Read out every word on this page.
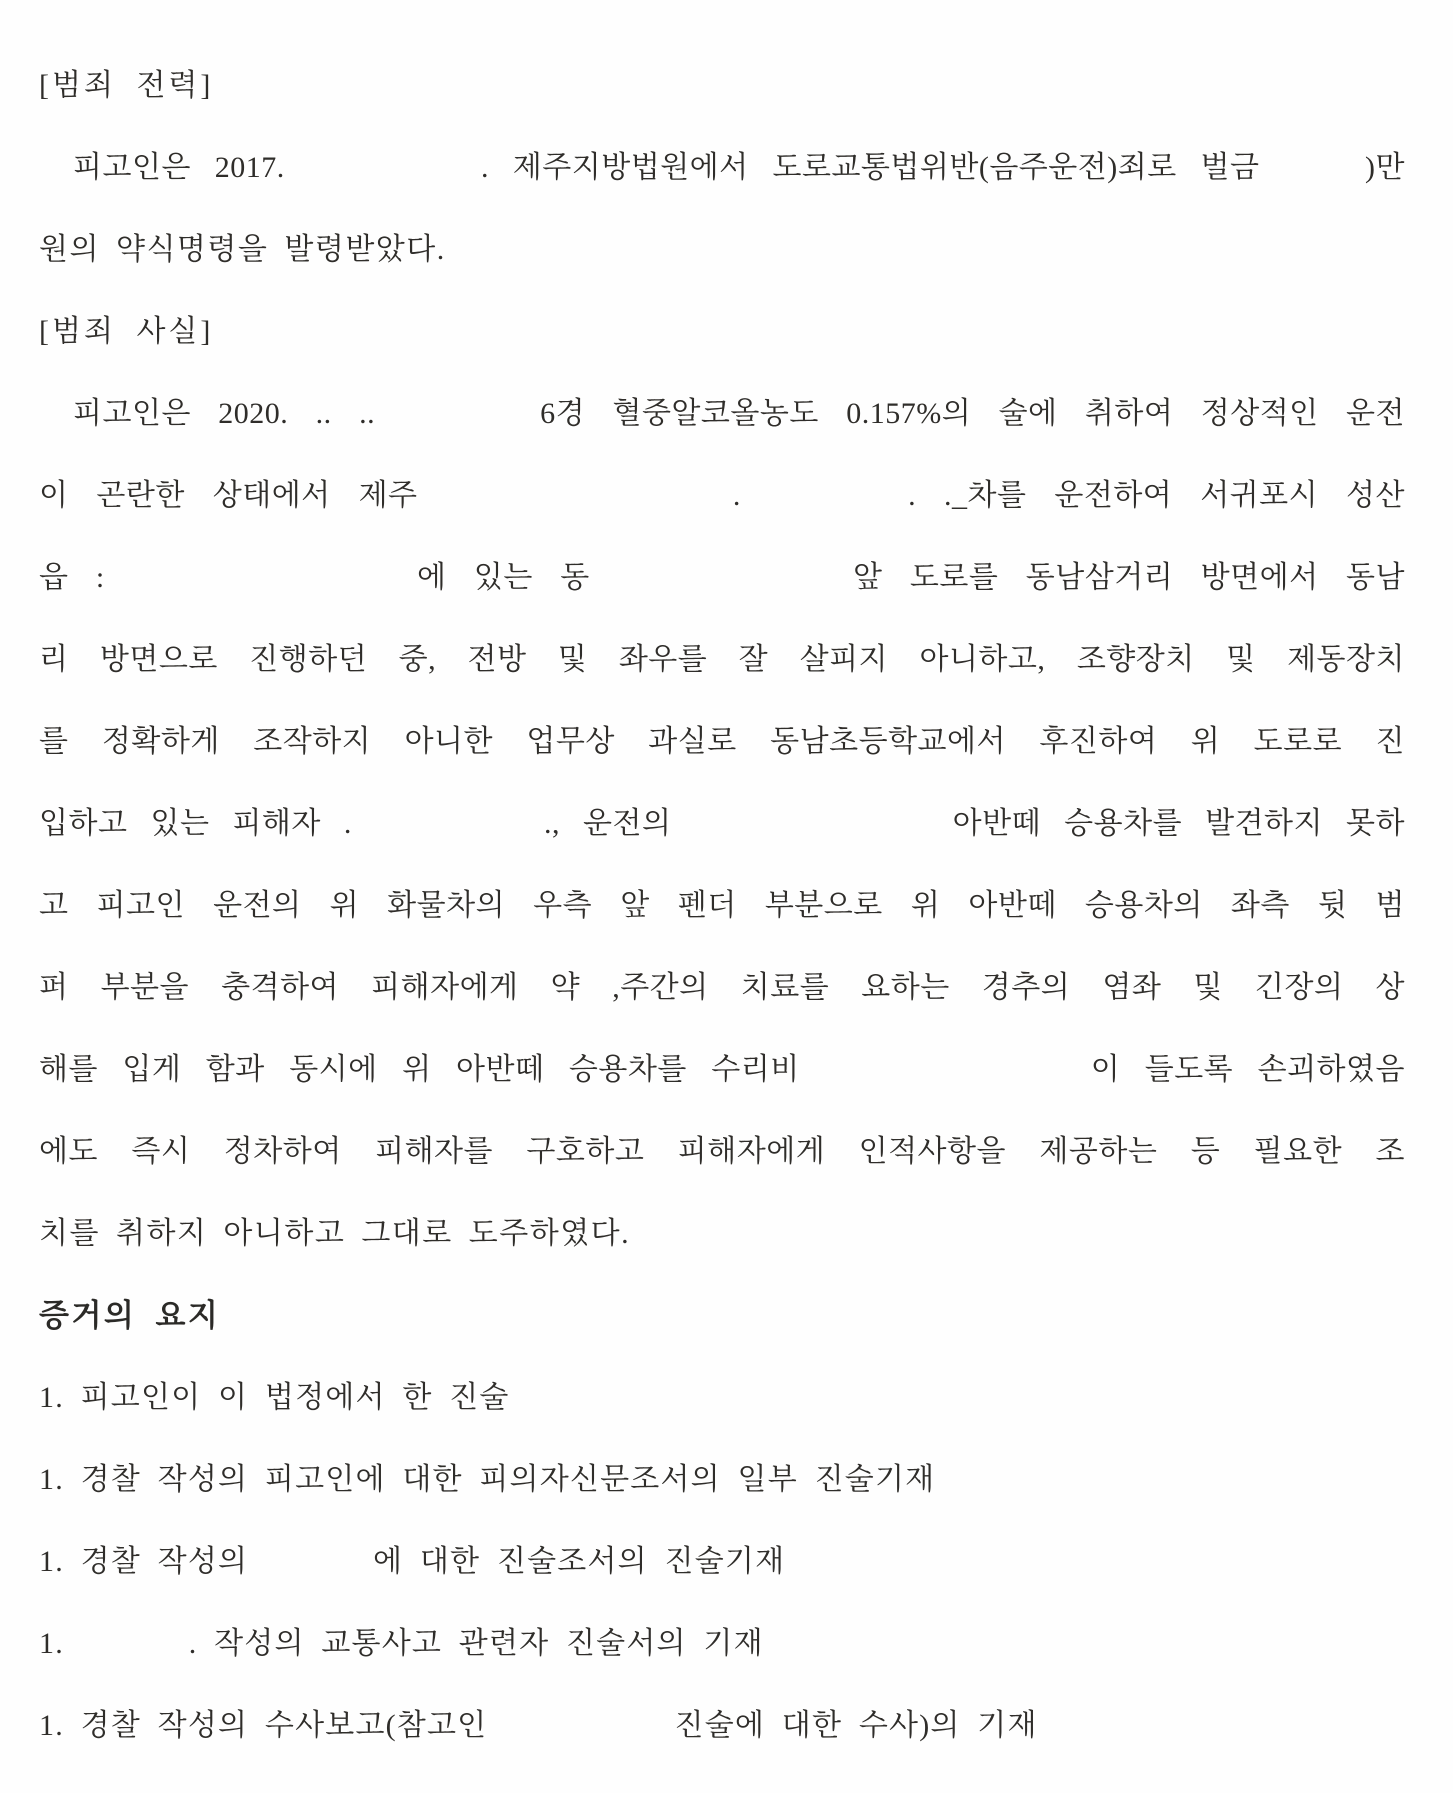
[범죄 전력]
피고인은 2017.　　　　. 제주지방법원에서 도로교통법위반(음주운전)죄로 벌금　　)만
원의 약식명령을 발령받았다.
[범죄 사실]
피고인은 2020. .. ..　　　6경 혈중알코올농도 0.157%의 술에 취하여 정상적인 운전
이 곤란한 상태에서 제주　　　　　　.　　　. ._차를 운전하여 서귀포시 성산
읍 :　　　　　　에 있는 동　　　　　앞 도로를 동남삼거리 방면에서 동남
리 방면으로 진행하던 중, 전방 및 좌우를 잘 살피지 아니하고, 조향장치 및 제동장치
를 정확하게 조작하지 아니한 업무상 과실로 동남초등학교에서 후진하여 위 도로로 진
입하고 있는 피해자 .　　　　., 운전의　　　　　　아반떼 승용차를 발견하지 못하
고 피고인 운전의 위 화물차의 우측 앞 펜더 부분으로 위 아반떼 승용차의 좌측 뒷 범
퍼 부분을 충격하여 피해자에게 약 ,주간의 치료를 요하는 경추의 염좌 및 긴장의 상
해를 입게 함과 동시에 위 아반떼 승용차를 수리비　　　　　　이 들도록 손괴하였음
에도 즉시 정차하여 피해자를 구호하고 피해자에게 인적사항을 제공하는 등 필요한 조
치를 취하지 아니하고 그대로 도주하였다.
증거의 요지
1. 피고인이 이 법정에서 한 진술
1. 경찰 작성의 피고인에 대한 피의자신문조서의 일부 진술기재
1. 경찰 작성의　　　　에 대한 진술조서의 진술기재
1.　　　　. 작성의 교통사고 관련자 진술서의 기재
1. 경찰 작성의 수사보고(참고인　　　　　　진술에 대한 수사)의 기재
